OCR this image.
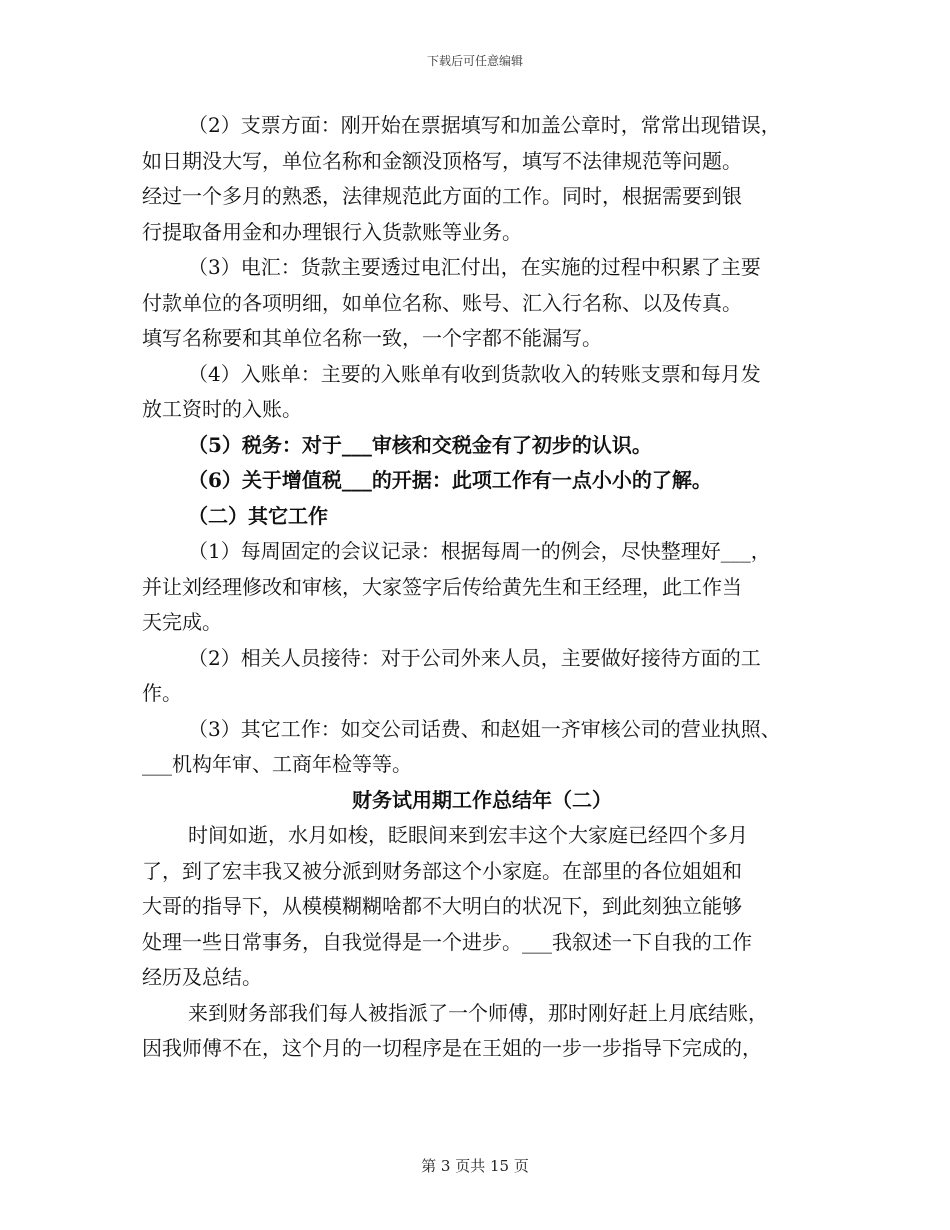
下载后可任意编辑
（2）支票方面：刚开始在票据填写和加盖公章时，常常出现错误，
如日期没大写，单位名称和金额没顶格写，填写不法律规范等问题。
经过一个多月的熟悉，法律规范此方面的工作。同时，根据需要到银
行提取备用金和办理银行入货款账等业务。
（3）电汇：货款主要透过电汇付出，在实施的过程中积累了主要
付款单位的各项明细，如单位名称、账号、汇入行名称、以及传真。
填写名称要和其单位名称一致，一个字都不能漏写。
（4）入账单：主要的入账单有收到货款收入的转账支票和每月发
放工资时的入账。
（5）税务：对于___审核和交税金有了初步的认识。
（6）关于增值税___的开据：此项工作有一点小小的了解。
（二）其它工作
（1）每周固定的会议记录：根据每周一的例会，尽快整理好___，
并让刘经理修改和审核，大家签字后传给黄先生和王经理，此工作当
天完成。
（2）相关人员接待：对于公司外来人员，主要做好接待方面的工
作。
（3）其它工作：如交公司话费、和赵姐一齐审核公司的营业执照、
___机构年审、工商年检等等。
财务试用期工作总结年（二）
时间如逝，水月如梭，眨眼间来到宏丰这个大家庭已经四个多月
了，到了宏丰我又被分派到财务部这个小家庭。在部里的各位姐姐和
大哥的指导下，从模模糊糊啥都不大明白的状况下，到此刻独立能够
处理一些日常事务，自我觉得是一个进步。___我叙述一下自我的工作
经历及总结。
来到财务部我们每人被指派了一个师傅，那时刚好赶上月底结账，
因我师傅不在，这个月的一切程序是在王姐的一步一步指导下完成的，
第 3 页共 15 页
